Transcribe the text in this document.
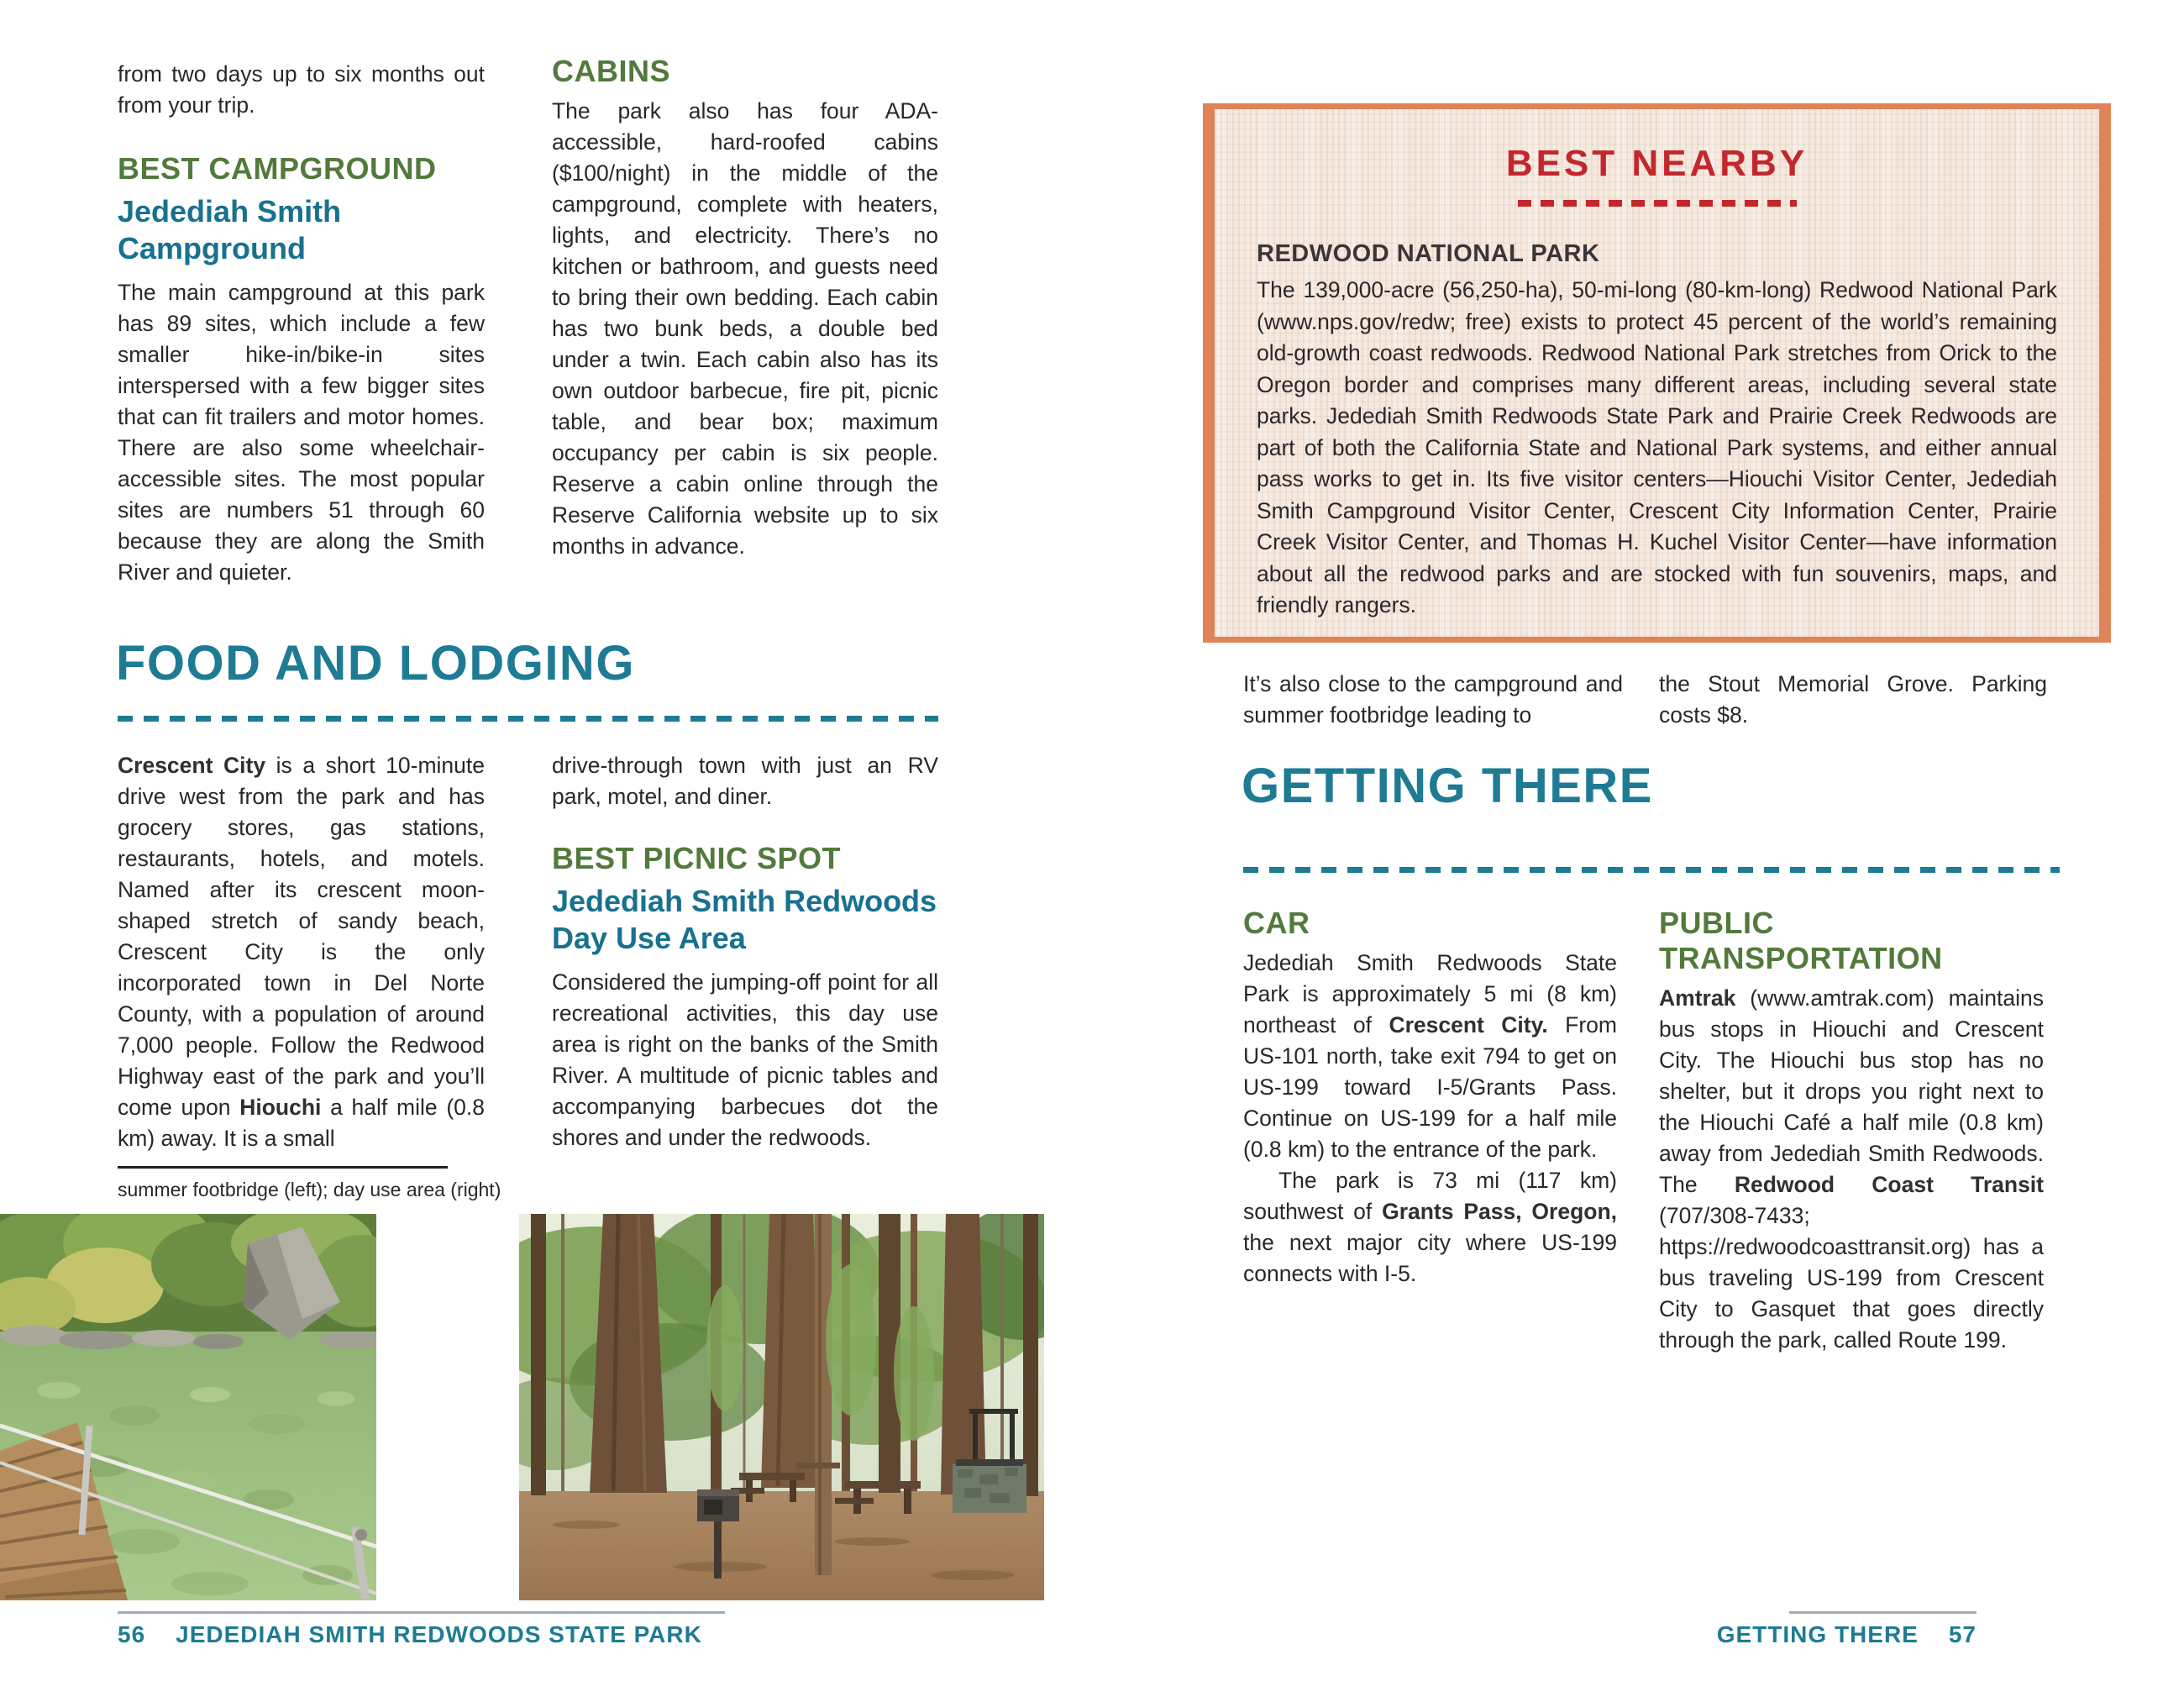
from two days up to six months out from your trip.

BEST CAMPGROUND
Jedediah Smith Campground

The main campground at this park has 89 sites, which include a few smaller hike-in/bike-in sites interspersed with a few bigger sites that can fit trailers and motor homes. There are also some wheelchair-accessible sites. The most popular sites are numbers 51 through 60 because they are along the Smith River and quieter.

CABINS

The park also has four ADA-accessible, hard-roofed cabins ($100/night) in the middle of the campground, complete with heaters, lights, and electricity. There’s no kitchen or bathroom, and guests need to bring their own bedding. Each cabin has two bunk beds, a double bed under a twin. Each cabin also has its own outdoor barbecue, fire pit, picnic table, and bear box; maximum occupancy per cabin is six people. Reserve a cabin online through the Reserve California website up to six months in advance.

FOOD AND LODGING

Crescent City is a short 10-minute drive west from the park and has grocery stores, gas stations, restaurants, hotels, and motels. Named after its crescent moon-shaped stretch of sandy beach, Crescent City is the only incorporated town in Del Norte County, with a population of around 7,000 people. Follow the Redwood Highway east of the park and you’ll come upon Hiouchi a half mile (0.8 km) away. It is a small

drive-through town with just an RV park, motel, and diner.

BEST PICNIC SPOT
Jedediah Smith Redwoods Day Use Area

Considered the jumping-off point for all recreational activities, this day use area is right on the banks of the Smith River. A multitude of picnic tables and accompanying barbecues dot the shores and under the redwoods.

summer footbridge (left); day use area (right)

56 JEDEDIAH SMITH REDWOODS STATE PARK
BEST NEARBY
REDWOOD NATIONAL PARK

The 139,000-acre (56,250-ha), 50-mi-long (80-km-long) Redwood National Park (www.nps.gov/redw; free) exists to protect 45 percent of the world’s remaining old-growth coast redwoods. Redwood National Park stretches from Orick to the Oregon border and comprises many different areas, including several state parks. Jedediah Smith Redwoods State Park and Prairie Creek Redwoods are part of both the California State and National Park systems, and either annual pass works to get in. Its five visitor centers—Hiouchi Visitor Center, Jedediah Smith Campground Visitor Center, Crescent City Information Center, Prairie Creek Visitor Center, and Thomas H. Kuchel Visitor Center—have information about all the redwood parks and are stocked with fun souvenirs, maps, and friendly rangers.

It’s also close to the campground and summer footbridge leading to

the Stout Memorial Grove. Parking costs $8.

GETTING THERE
CAR

Jedediah Smith Redwoods State Park is approximately 5 mi (8 km) northeast of Crescent City. From US-101 north, take exit 794 to get on US-199 toward I-5/Grants Pass. Continue on US-199 for a half mile (0.8 km) to the entrance of the park.

The park is 73 mi (117 km) southwest of Grants Pass, Oregon, the next major city where US-199 connects with I-5.

PUBLIC TRANSPORTATION

Amtrak (www.amtrak.com) maintains bus stops in Hiouchi and Crescent City. The Hiouchi bus stop has no shelter, but it drops you right next to the Hiouchi Café a half mile (0.8 km) away from Jedediah Smith Redwoods. The Redwood Coast Transit (707/308-7433; https://redwoodcoasttransit.org) has a bus traveling US-199 from Crescent City to Gasquet that goes directly through the park, called Route 199.

GETTING THERE 57
